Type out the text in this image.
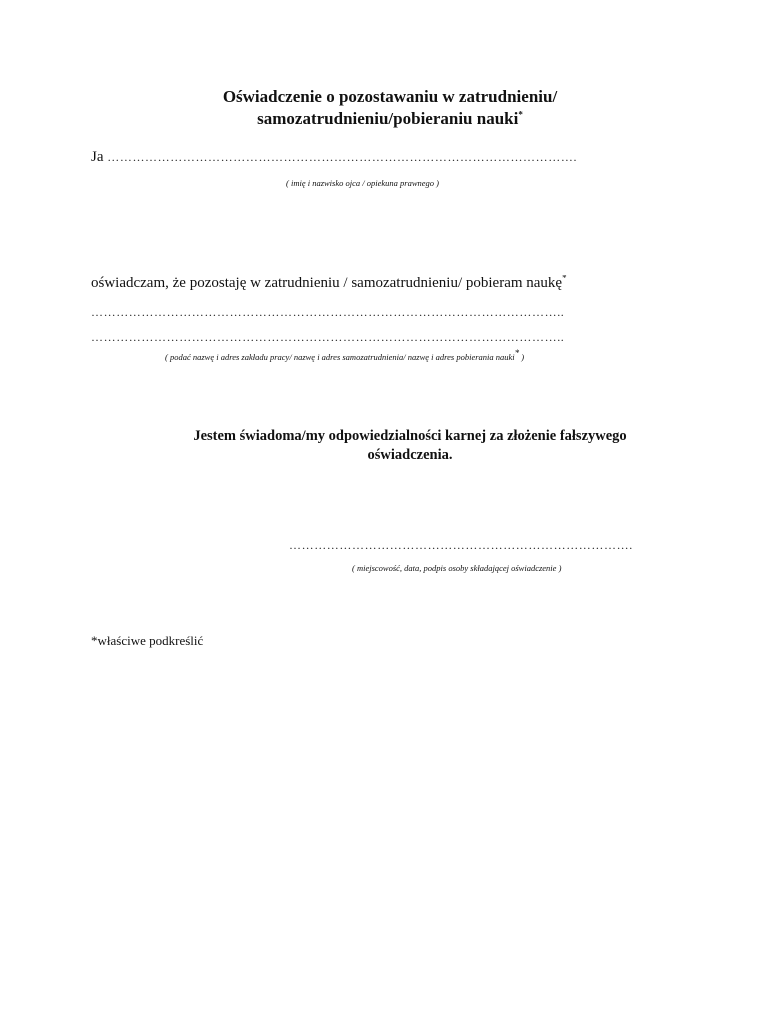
Oświadczenie o pozostawaniu w zatrudnieniu/
samozatrudnieniu/pobieraniu nauki*
Ja ………………………………………………………………………………………………….
( imię i nazwisko ojca / opiekuna prawnego )
oświadczam, że pozostaję w zatrudnieniu / samozatrudnieniu/ pobieram naukę*
…………………………………………………………………………………………………..
…………………………………………………………………………………………………..
( podać nazwę i adres zakładu pracy/ nazwę i adres samozatrudnienia/ nazwę i adres pobierania nauki* )
Jestem świadoma/my odpowiedzialności karnej za złożenie fałszywego
oświadczenia.
……………………………………………………………………….
( miejscowość, data, podpis osoby składającej oświadczenie )
*właściwe podkreślić
